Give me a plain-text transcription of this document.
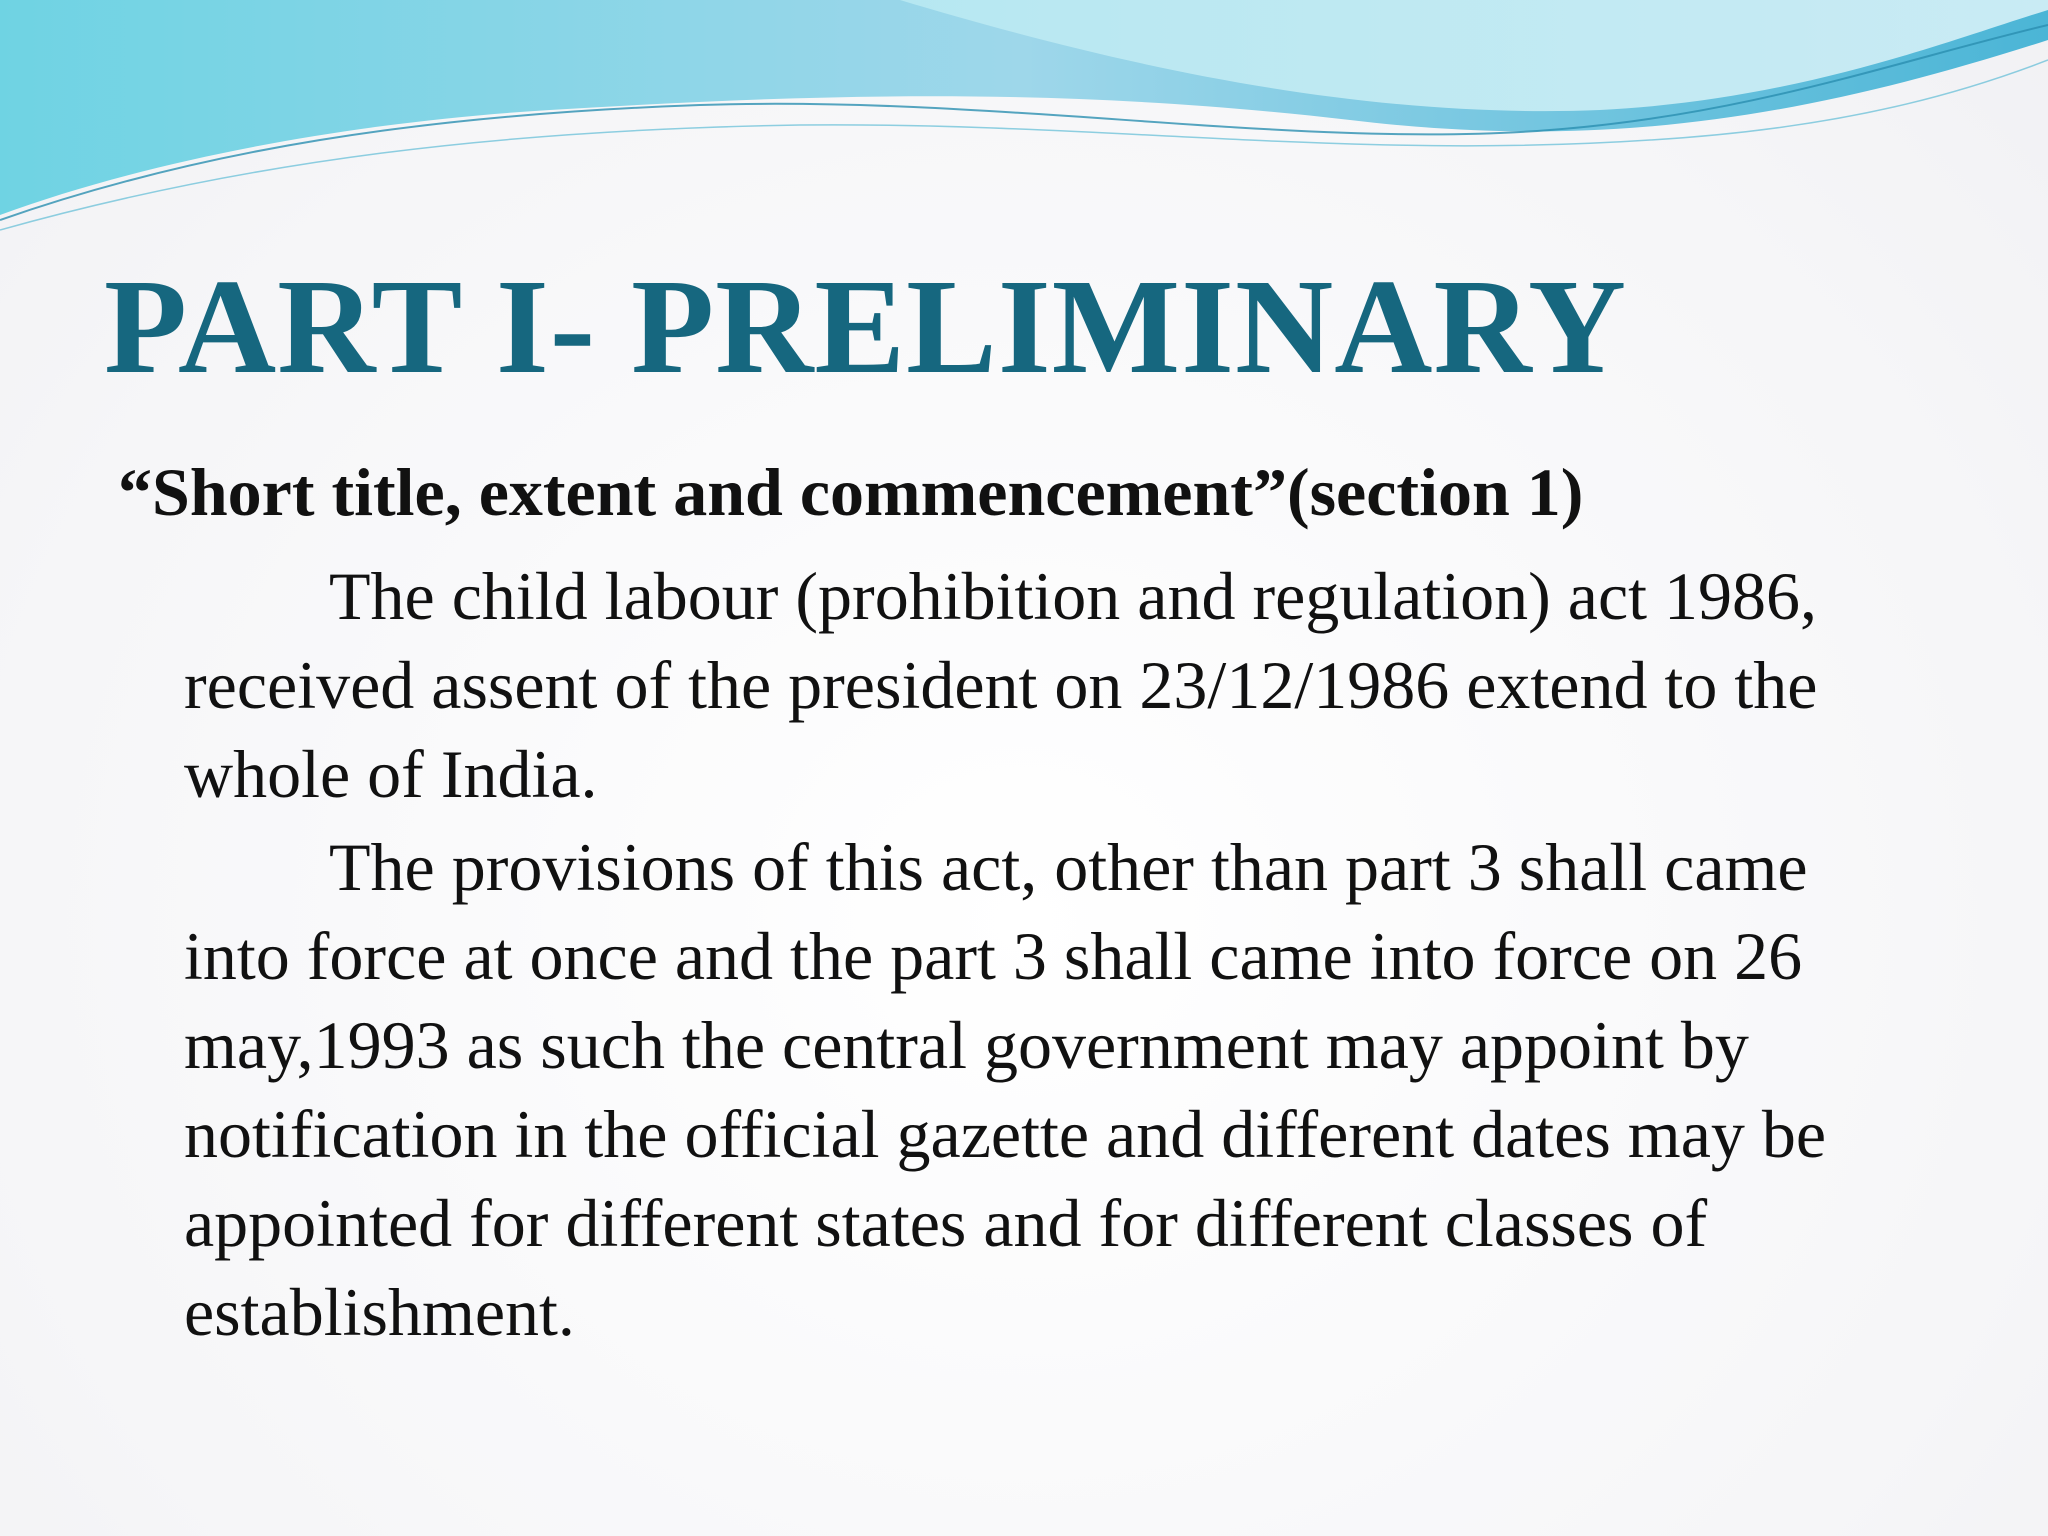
PART I- PRELIMINARY
“Short title, extent and commencement”(section 1)

The child labour (prohibition and regulation) act 1986, received assent of the president on 23/12/1986 extend to the whole of India.

The provisions of this act, other than part 3 shall came into force at once and the part 3 shall came into force on 26 may,1993 as such the central government may appoint by notification in the official gazette and different dates may be appointed for different states and for different classes of establishment.
